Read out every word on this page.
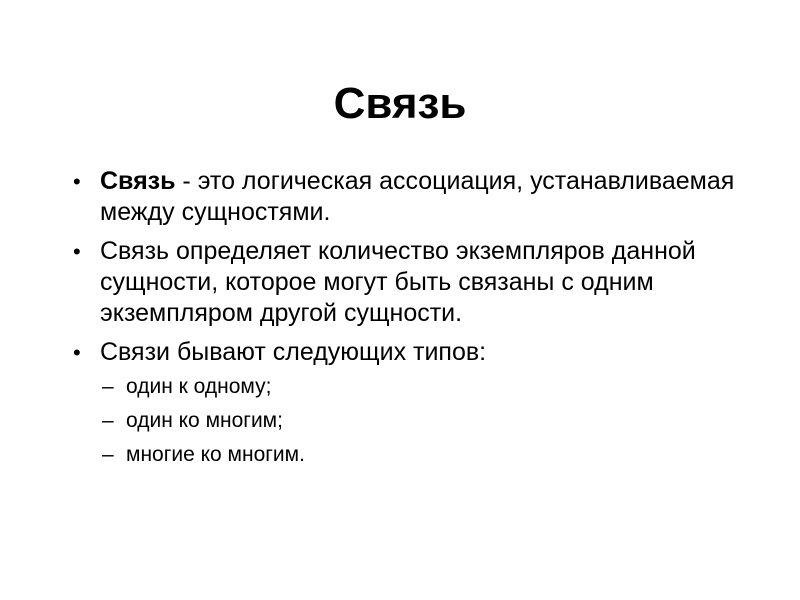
Связь
• Связь - это логическая ассоциация, устанавливаемая между сущностями.
• Связь определяет количество экземпляров данной сущности, которое могут быть связаны с одним экземпляром другой сущности.
• Связи бывают следующих типов:
– один к одному;
– один ко многим;
– многие ко многим.
